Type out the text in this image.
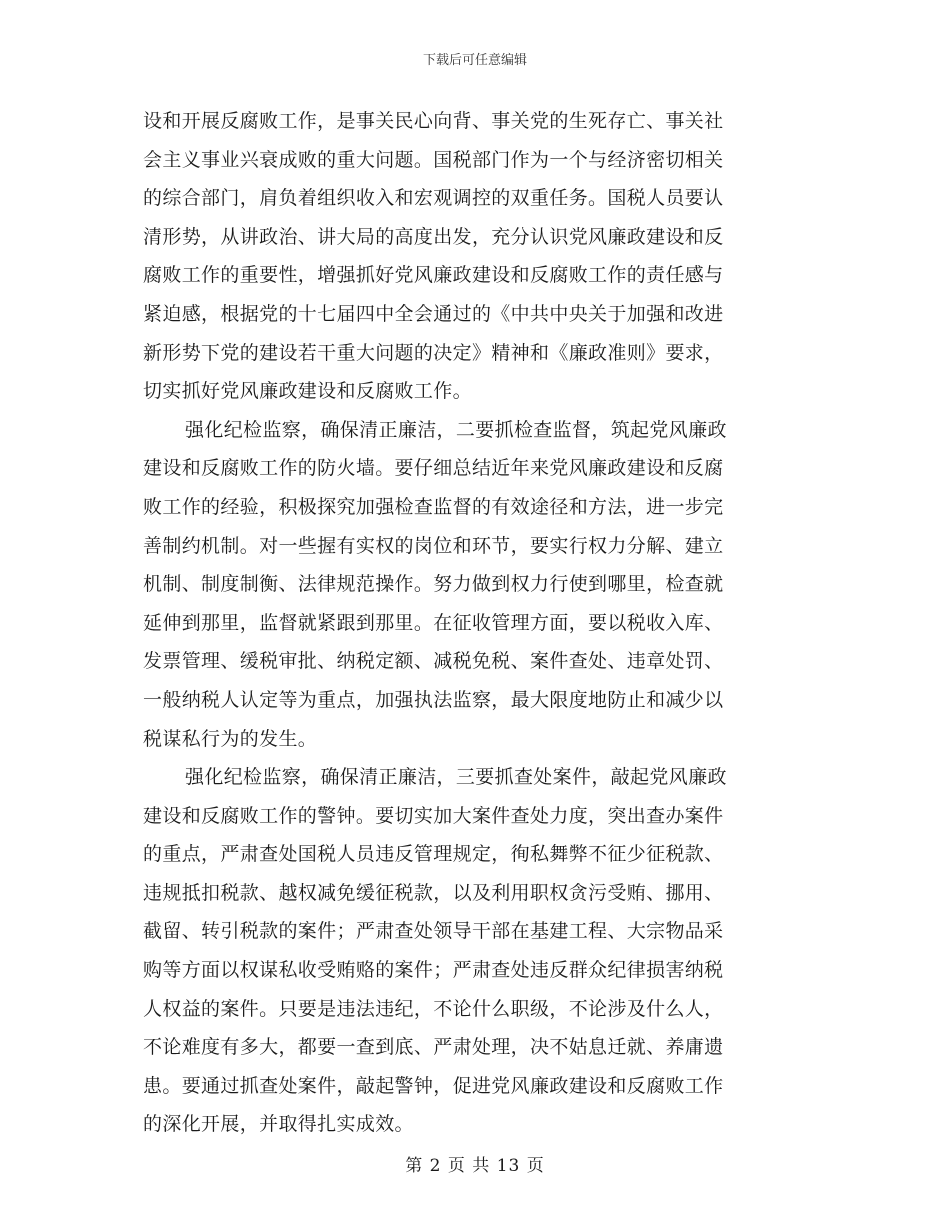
下载后可任意编辑
设和开展反腐败工作，是事关民心向背、事关党的生死存亡、事关社
会主义事业兴衰成败的重大问题。国税部门作为一个与经济密切相关
的综合部门，肩负着组织收入和宏观调控的双重任务。国税人员要认
清形势，从讲政治、讲大局的高度出发，充分认识党风廉政建设和反
腐败工作的重要性，增强抓好党风廉政建设和反腐败工作的责任感与
紧迫感，根据党的十七届四中全会通过的《中共中央关于加强和改进
新形势下党的建设若干重大问题的决定》精神和《廉政准则》要求，
切实抓好党风廉政建设和反腐败工作。
强化纪检监察，确保清正廉洁，二要抓检查监督，筑起党风廉政
建设和反腐败工作的防火墙。要仔细总结近年来党风廉政建设和反腐
败工作的经验，积极探究加强检查监督的有效途径和方法，进一步完
善制约机制。对一些握有实权的岗位和环节，要实行权力分解、建立
机制、制度制衡、法律规范操作。努力做到权力行使到哪里，检查就
延伸到那里，监督就紧跟到那里。在征收管理方面，要以税收入库、
发票管理、缓税审批、纳税定额、减税免税、案件查处、违章处罚、
一般纳税人认定等为重点，加强执法监察，最大限度地防止和减少以
税谋私行为的发生。
强化纪检监察，确保清正廉洁，三要抓查处案件，敲起党风廉政
建设和反腐败工作的警钟。要切实加大案件查处力度，突出查办案件
的重点，严肃查处国税人员违反管理规定，徇私舞弊不征少征税款、
违规抵扣税款、越权减免缓征税款，以及利用职权贪污受贿、挪用、
截留、转引税款的案件；严肃查处领导干部在基建工程、大宗物品采
购等方面以权谋私收受贿赂的案件；严肃查处违反群众纪律损害纳税
人权益的案件。只要是违法违纪，不论什么职级，不论涉及什么人，
不论难度有多大，都要一查到底、严肃处理，决不姑息迁就、养庸遗
患。要通过抓查处案件，敲起警钟，促进党风廉政建设和反腐败工作
的深化开展，并取得扎实成效。
第 2 页 共 13 页
